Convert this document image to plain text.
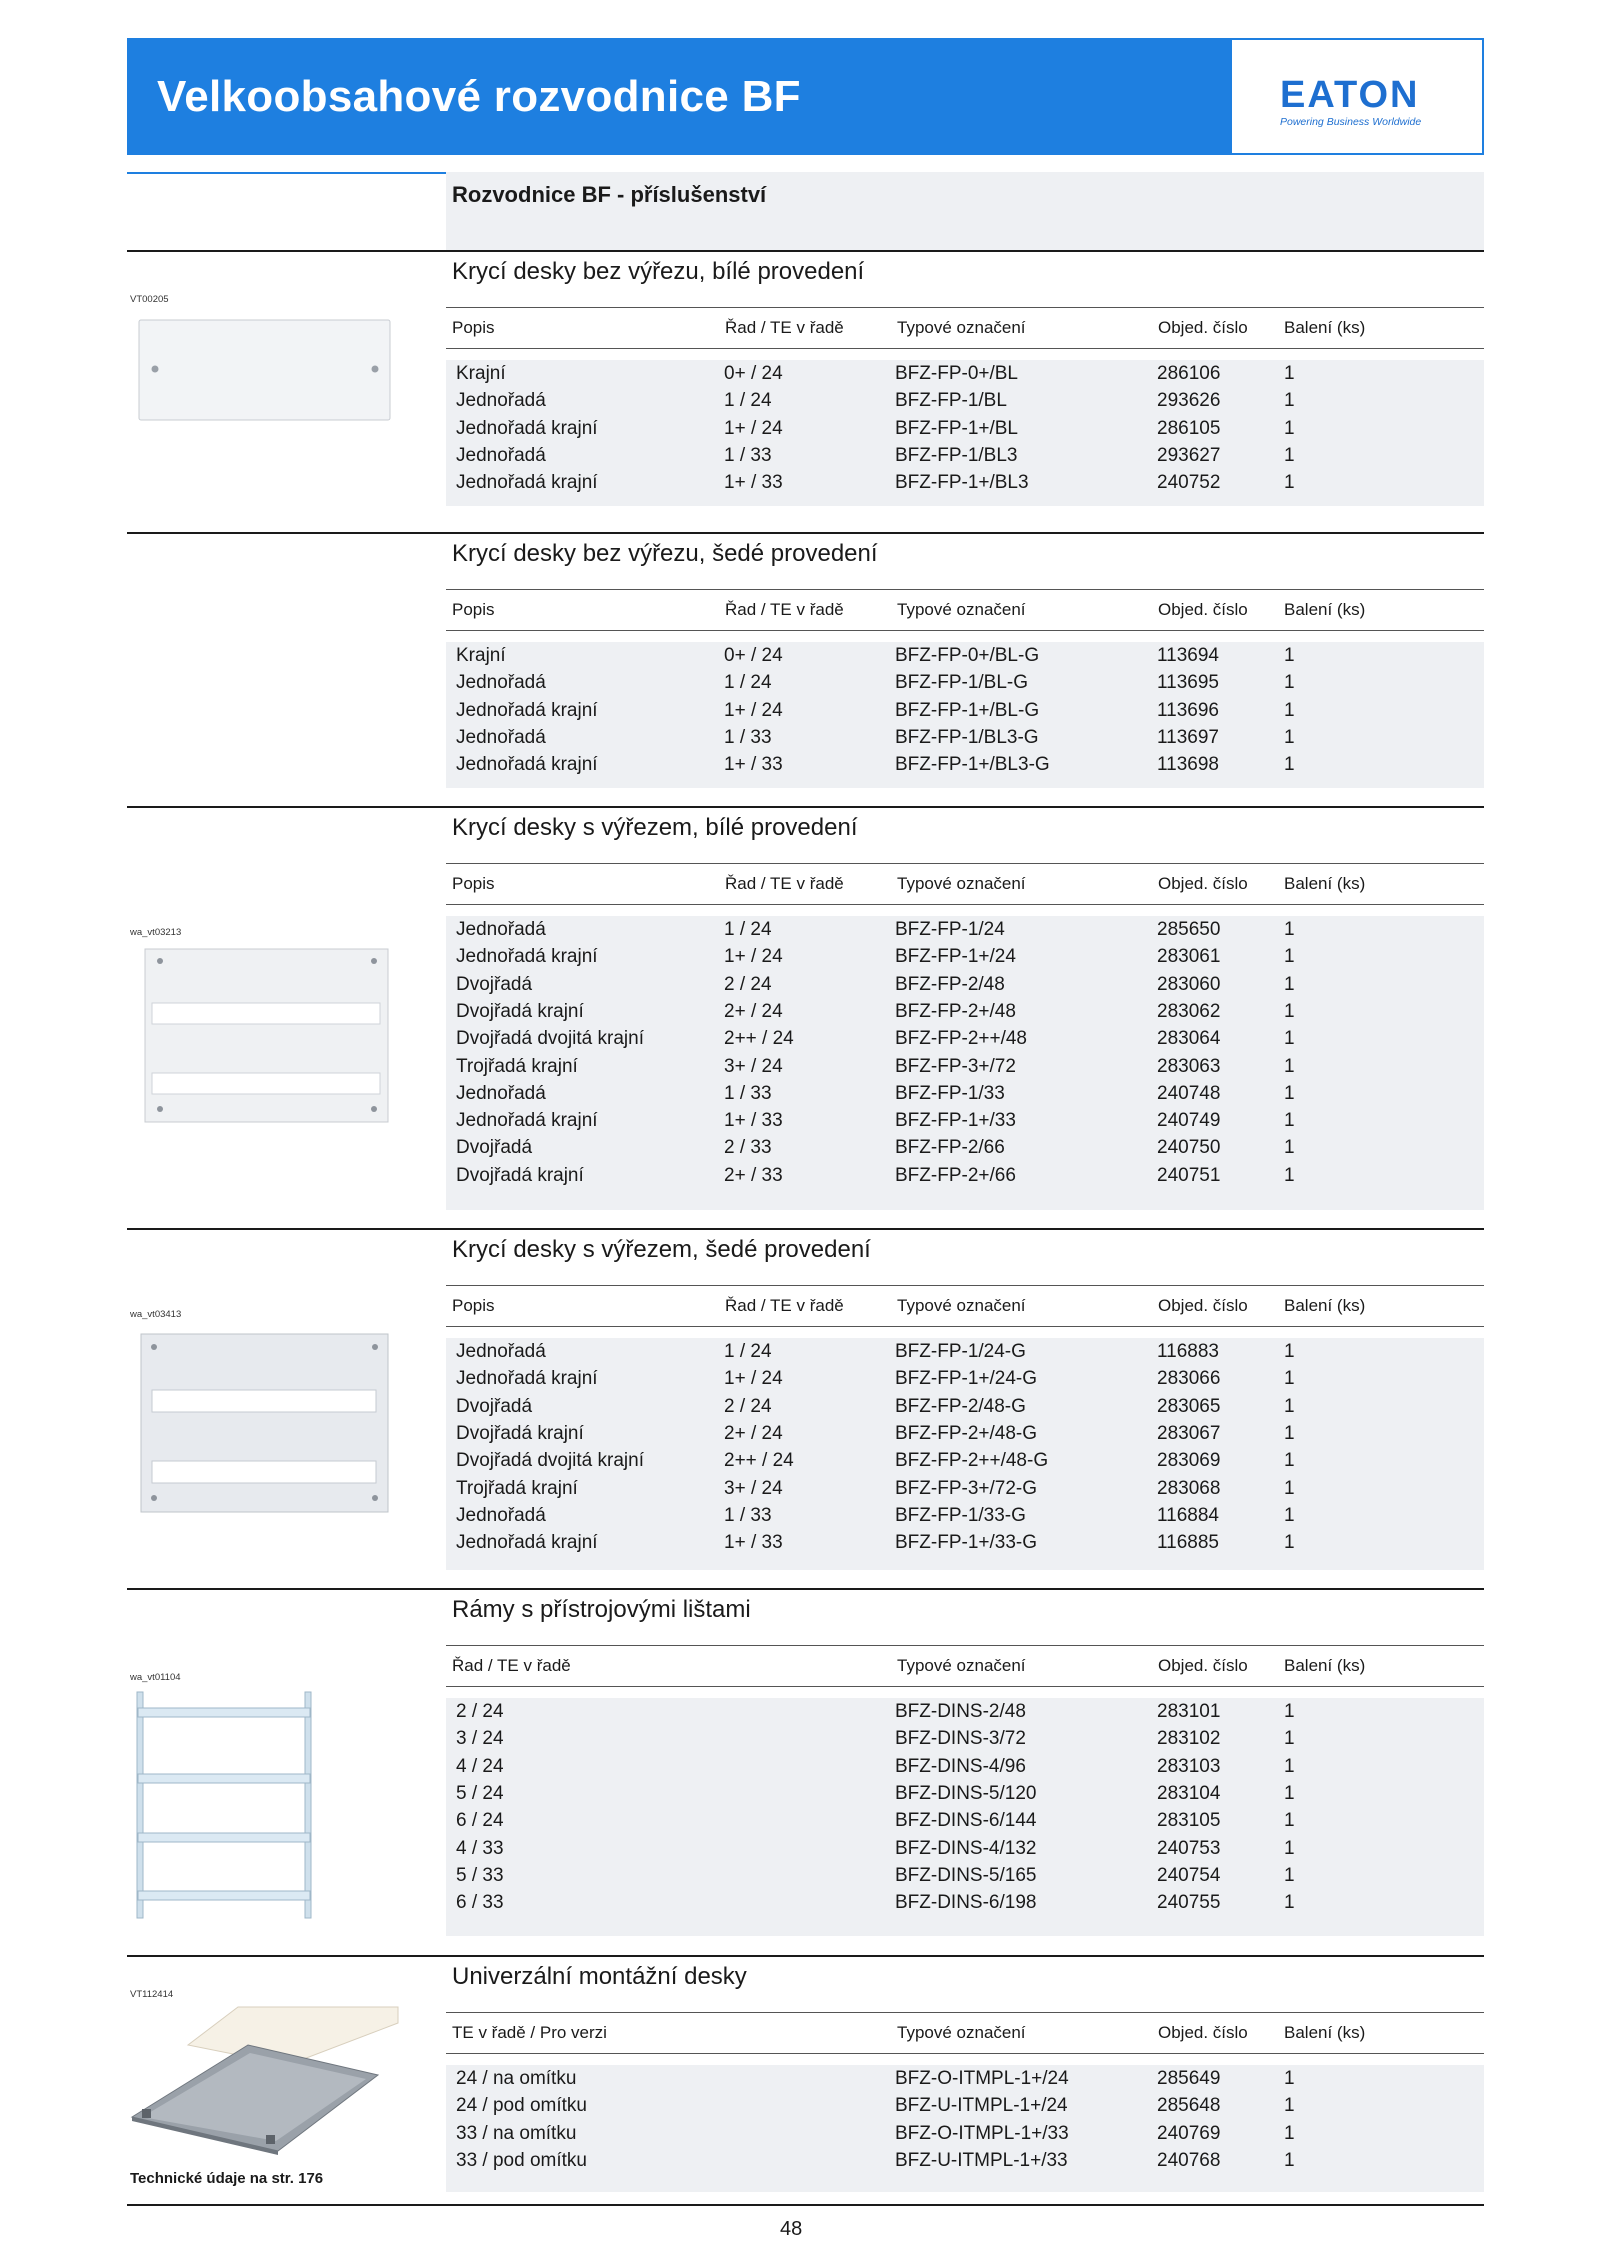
Velkoobsahové rozvodnice BF	EATON
Powering Business Worldwide
VT00205
wa_vt03213
wa_vt03413
wa_vt01104
VT112414
Technické údaje na str. 176
Rozvodnice BF - příslušenství
Krycí desky bez výřezu, bílé provedení
Popis	Řad / TE v řadě	Typové označení	Objed. číslo Balení (ks)
Krajní	0+ / 24	BFZ-FP-0+/BL	286106	1
Jednořadá	1 / 24	BFZ-FP-1/BL	293626	1
Jednořadá krajní	1+ / 24	BFZ-FP-1+/BL	286105	1
Jednořadá	1 / 33	BFZ-FP-1/BL3	293627	1
Jednořadá krajní	1+ / 33	BFZ-FP-1+/BL3	240752	1
Krycí desky bez výřezu, šedé provedení
Popis	Řad / TE v řadě	Typové označení	Objed. číslo Balení (ks)
Krajní	0+ / 24	BFZ-FP-0+/BL-G	113694	1
Jednořadá	1 / 24	BFZ-FP-1/BL-G	113695	1
Jednořadá krajní	1+ / 24	BFZ-FP-1+/BL-G	113696	1
Jednořadá	1 / 33	BFZ-FP-1/BL3-G	113697	1
Jednořadá krajní	1+ / 33	BFZ-FP-1+/BL3-G	113698	1
Krycí desky s výřezem, bílé provedení
Popis	Řad / TE v řadě	Typové označení	Objed. číslo Balení (ks)
Jednořadá	1 / 24	BFZ-FP-1/24	285650	1
Jednořadá krajní	1+ / 24	BFZ-FP-1+/24	283061	1
Dvojřadá	2 / 24	BFZ-FP-2/48	283060	1
Dvojřadá krajní	2+ / 24	BFZ-FP-2+/48	283062	1
Dvojřadá dvojitá krajní	2++ / 24	BFZ-FP-2++/48	283064	1
Trojřadá krajní	3+ / 24	BFZ-FP-3+/72	283063	1
Jednořadá	1 / 33	BFZ-FP-1/33	240748	1
Jednořadá krajní	1+ / 33	BFZ-FP-1+/33	240749	1
Dvojřadá	2 / 33	BFZ-FP-2/66	240750	1
Dvojřadá krajní	2+ / 33	BFZ-FP-2+/66	240751	1
Krycí desky s výřezem, šedé provedení
Popis	Řad / TE v řadě	Typové označení	Objed. číslo Balení (ks)
Jednořadá	1 / 24	BFZ-FP-1/24-G	116883	1
Jednořadá krajní	1+ / 24	BFZ-FP-1+/24-G	283066	1
Dvojřadá	2 / 24	BFZ-FP-2/48-G	283065	1
Dvojřadá krajní	2+ / 24	BFZ-FP-2+/48-G	283067	1
Dvojřadá dvojitá krajní	2++ / 24	BFZ-FP-2++/48-G	283069	1
Trojřadá krajní	3+ / 24	BFZ-FP-3+/72-G	283068	1
Jednořadá	1 / 33	BFZ-FP-1/33-G	116884	1
Jednořadá krajní	1+ / 33	BFZ-FP-1+/33-G	116885	1
Rámy s přístrojovými lištami
Řad / TE v řadě	Typové označení	Objed. číslo Balení (ks)
2 / 24	BFZ-DINS-2/48	283101	1
3 / 24	BFZ-DINS-3/72	283102	1
4 / 24	BFZ-DINS-4/96	283103	1
5 / 24	BFZ-DINS-5/120	283104	1
6 / 24	BFZ-DINS-6/144	283105	1
4 / 33	BFZ-DINS-4/132	240753	1
5 / 33	BFZ-DINS-5/165	240754	1
6 / 33	BFZ-DINS-6/198	240755	1
Univerzální montážní desky
TE v řadě / Pro verzi	Typové označení	Objed. číslo Balení (ks)
24 / na omítku	BFZ-O-ITMPL-1+/24	285649	1
24 / pod omítku	BFZ-U-ITMPL-1+/24	285648	1
33 / na omítku	BFZ-O-ITMPL-1+/33	240769	1
33 / pod omítku	BFZ-U-ITMPL-1+/33	240768	1
48
